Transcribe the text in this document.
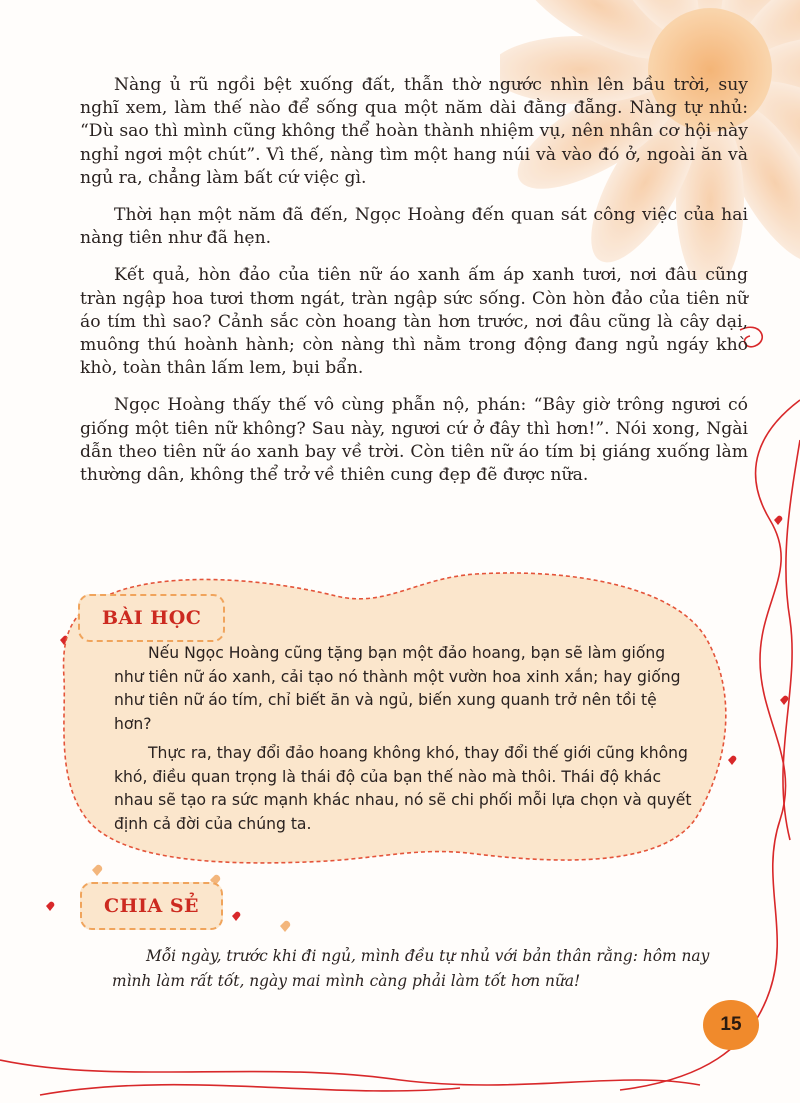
Nàng ủ rũ ngồi bệt xuống đất, thẫn thờ ngước nhìn lên bầu trời, suy nghĩ xem, làm thế nào để sống qua một năm dài đằng đẵng. Nàng tự nhủ: “Dù sao thì mình cũng không thể hoàn thành nhiệm vụ, nên nhân cơ hội này nghỉ ngơi một chút”. Vì thế, nàng tìm một hang núi và vào đó ở, ngoài ăn và ngủ ra, chẳng làm bất cứ việc gì.

Thời hạn một năm đã đến, Ngọc Hoàng đến quan sát công việc của hai nàng tiên như đã hẹn.

Kết quả, hòn đảo của tiên nữ áo xanh ấm áp xanh tươi, nơi đâu cũng tràn ngập hoa tươi thơm ngát, tràn ngập sức sống. Còn hòn đảo của tiên nữ áo tím thì sao? Cảnh sắc còn hoang tàn hơn trước, nơi đâu cũng là cây dại, muông thú hoành hành; còn nàng thì nằm trong động đang ngủ ngáy khò khò, toàn thân lấm lem, bụi bẩn.

Ngọc Hoàng thấy thế vô cùng phẫn nộ, phán: “Bây giờ trông ngươi có giống một tiên nữ không? Sau này, ngươi cứ ở đây thì hơn!”. Nói xong, Ngài dẫn theo tiên nữ áo xanh bay về trời. Còn tiên nữ áo tím bị giáng xuống làm thường dân, không thể trở về thiên cung đẹp đẽ được nữa.

BÀI HỌC

Nếu Ngọc Hoàng cũng tặng bạn một đảo hoang, bạn sẽ làm giống như tiên nữ áo xanh, cải tạo nó thành một vườn hoa xinh xắn; hay giống như tiên nữ áo tím, chỉ biết ăn và ngủ, biến xung quanh trở nên tồi tệ hơn?

Thực ra, thay đổi đảo hoang không khó, thay đổi thế giới cũng không khó, điều quan trọng là thái độ của bạn thế nào mà thôi. Thái độ khác nhau sẽ tạo ra sức mạnh khác nhau, nó sẽ chi phối mỗi lựa chọn và quyết định cả đời của chúng ta.

CHIA SẺ

Mỗi ngày, trước khi đi ngủ, mình đều tự nhủ với bản thân rằng: hôm nay mình làm rất tốt, ngày mai mình càng phải làm tốt hơn nữa!

15
